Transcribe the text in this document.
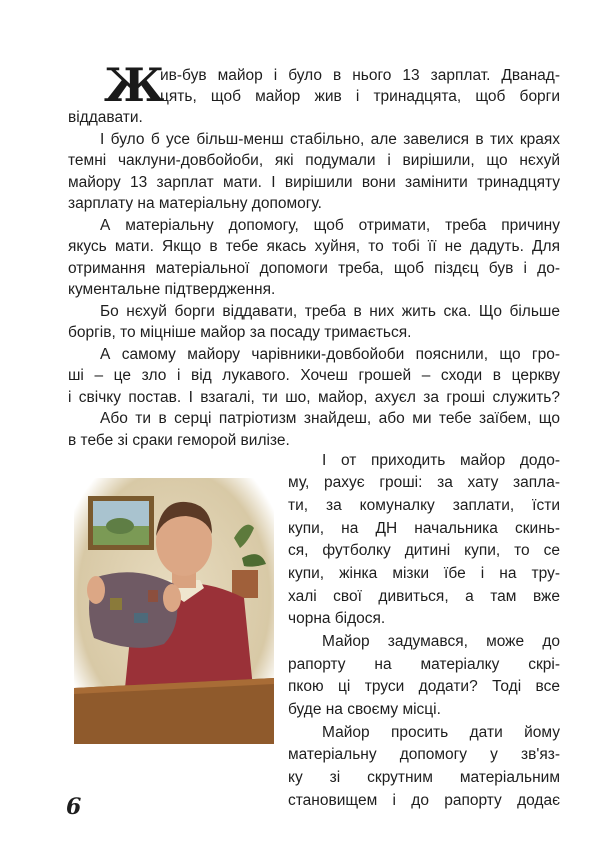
Ж
ив-був майор і було в нього 13 зарплат. Дванад-
цять, щоб майор жив і тринадцята, щоб борги
віддавати.
І було б усе більш-менш стабільно, але завелися в тих краях
темні чаклуни-довбойоби, які подумали і вирішили, що нєхуй
майору 13 зарплат мати. І вирішили вони замінити тринадцяту
зарплату на матеріальну допомогу.
А матеріальну допомогу, щоб отримати, треба причину
якусь мати. Якщо в тебе якась хуйня, то тобі її не дадуть. Для
отримання матеріальної допомоги треба, щоб піздєц був і до-
кументальне підтвердження.
Бо нєхуй борги віддавати, треба в них жить ска. Що більше
боргів, то міцніше майор за посаду тримається.
А самому майору чарівники-довбойоби пояснили, що гро-
ші – це зло і від лукавого. Хочеш грошей – сходи в церкву
і свічку постав. І взагалі, ти шо, майор, ахуєл за гроші служить?
Або ти в серці патріотизм знайдеш, або ми тебе заїбем, що
в тебе зі сраки геморой вилізе.
І от приходить майор додо-
му, рахує гроші: за хату запла-
ти, за комуналку заплати, їсти
купи, на ДН начальника скинь-
ся, футболку дитині купи, то се
купи, жінка мізки їбе і на тру-
халі свої дивиться, а там вже
чорна бідося.
Майор задумався, може до
рапорту на матеріалку скрі-
пкою ці труси додати? Тоді все
буде на своєму місці.
Майор просить дати йому
матеріальну допомогу у зв'яз-
ку зі скрутним матеріальним
становищем і до рапорту додає
6
